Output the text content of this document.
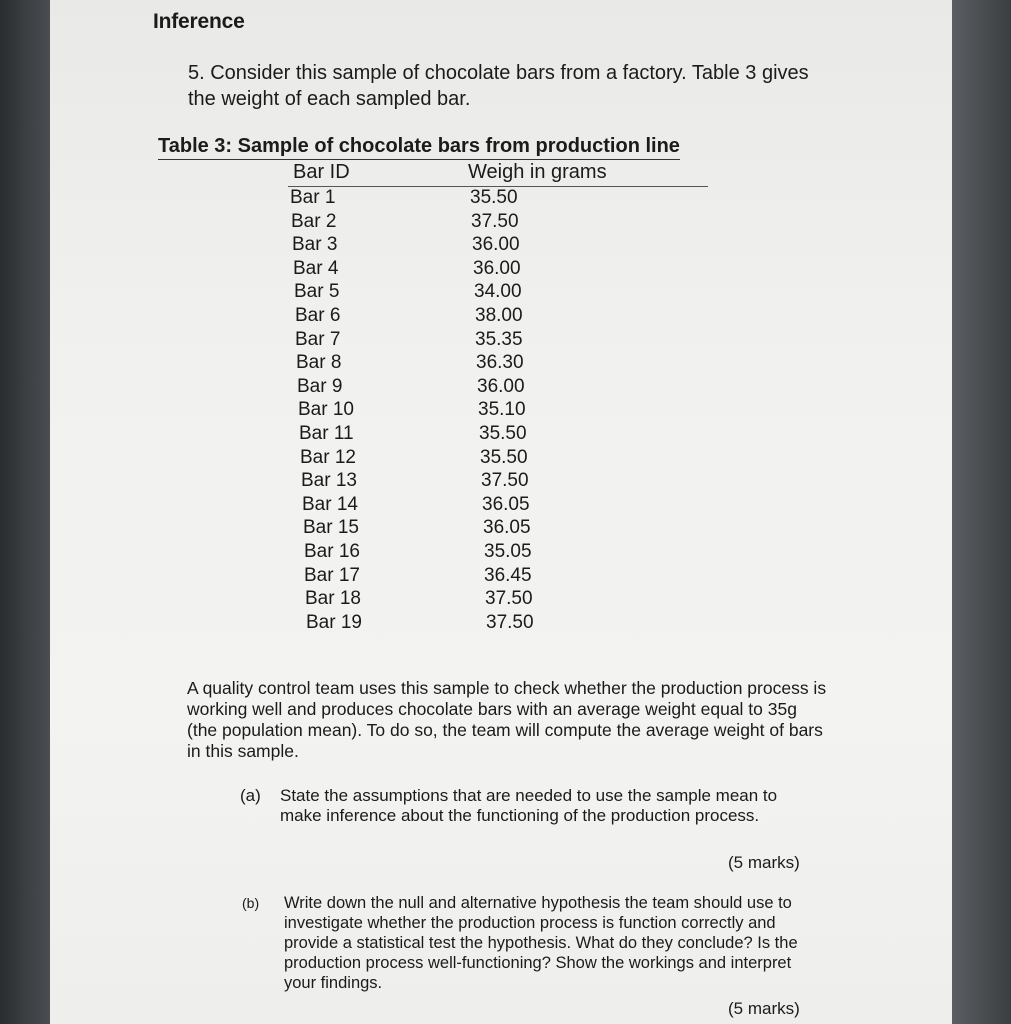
Inference
5. Consider this sample of chocolate bars from a factory. Table 3 gives the weight of each sampled bar.
Table 3: Sample of chocolate bars from production line
Bar ID	Weigh in grams
Bar 1	35.50
Bar 2	37.50
Bar 3	36.00
Bar 4	36.00
Bar 5	34.00
Bar 6	38.00
Bar 7	35.35
Bar 8	36.30
Bar 9	36.00
Bar 10	35.10
Bar 11	35.50
Bar 12	35.50
Bar 13	37.50
Bar 14	36.05
Bar 15	36.05
Bar 16	35.05
Bar 17	36.45
Bar 18	37.50
Bar 19	37.50
A quality control team uses this sample to check whether the production process is working well and produces chocolate bars with an average weight equal to 35g (the population mean). To do so, the team will compute the average weight of bars in this sample.
(a) State the assumptions that are needed to use the sample mean to make inference about the functioning of the production process.
(5 marks)
(b) Write down the null and alternative hypothesis the team should use to investigate whether the production process is function correctly and provide a statistical test the hypothesis. What do they conclude? Is the production process well-functioning? Show the workings and interpret your findings.
(5 marks)
